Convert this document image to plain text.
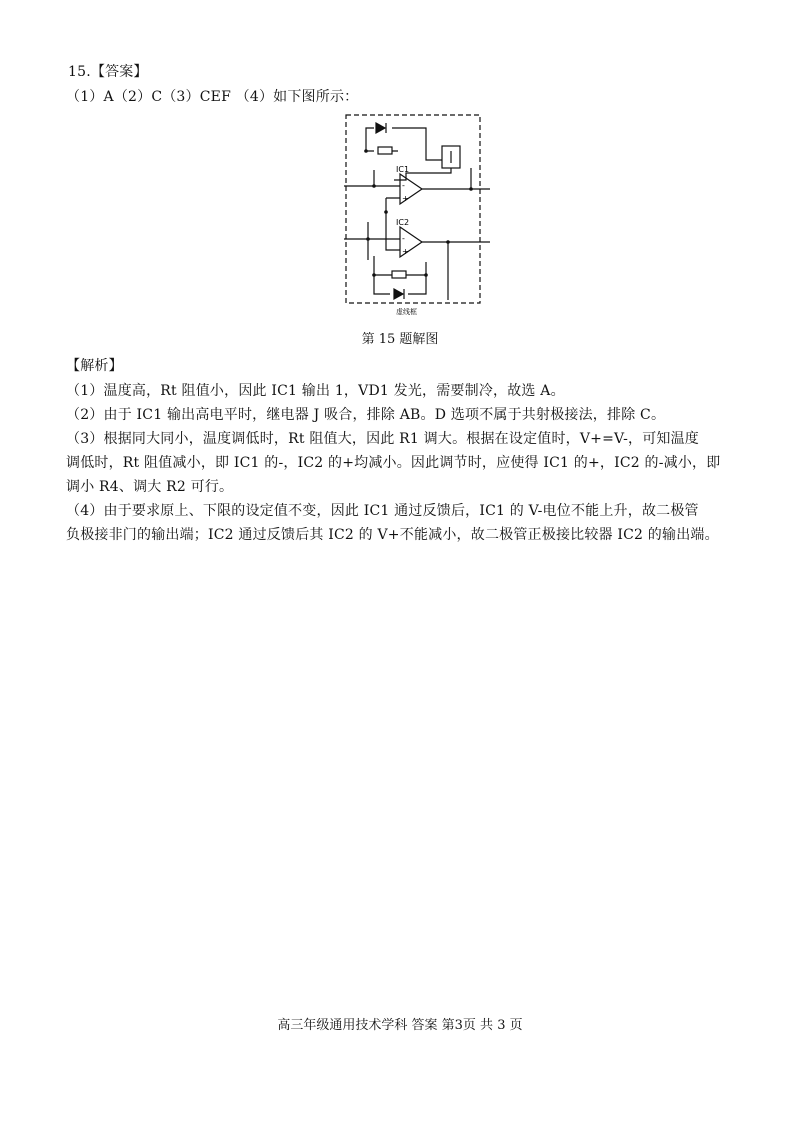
15.【答案】
（1）A（2）C（3）CEF （4）如下图所示：
IC1
IC2
-
+
-
+
虚线框
第 15 题解图
【解析】
（1）温度高，Rt 阻值小，因此 IC1 输出 1，VD1 发光，需要制冷，故选 A。
（2）由于 IC1 输出高电平时，继电器 J 吸合，排除 AB。D 选项不属于共射极接法，排除 C。
（3）根据同大同小，温度调低时，Rt 阻值大，因此 R1 调大。根据在设定值时，V+=V-，可知温度
调低时，Rt 阻值减小，即 IC1 的-，IC2 的+均减小。因此调节时，应使得 IC1 的+，IC2 的-减小，即
调小 R4、调大 R2 可行。
（4）由于要求原上、下限的设定值不变，因此 IC1 通过反馈后，IC1 的 V-电位不能上升，故二极管
负极接非门的输出端；IC2 通过反馈后其 IC2 的 V+不能减小，故二极管正极接比较器 IC2 的输出端。
高三年级通用技术学科 答案 第3页 共 3 页
